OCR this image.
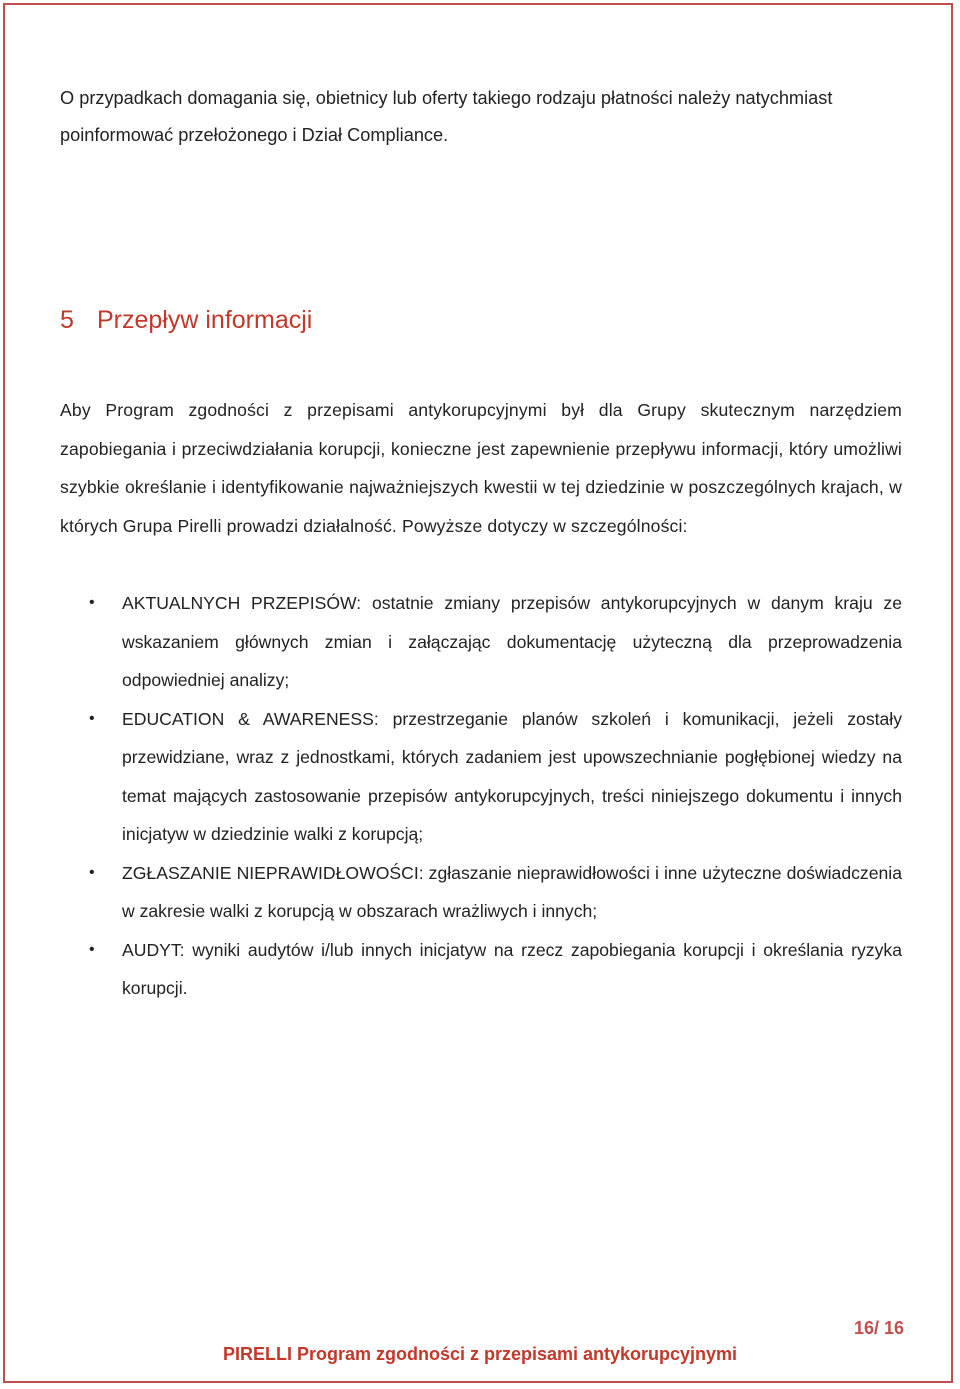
O przypadkach domagania się, obietnicy lub oferty takiego rodzaju płatności należy natychmiast poinformować przełożonego i Dział Compliance.

5 Przepływ informacji

Aby Program zgodności z przepisami antykorupcyjnymi był dla Grupy skutecznym narzędziem zapobiegania i przeciwdziałania korupcji, konieczne jest zapewnienie przepływu informacji, który umożliwi szybkie określanie i identyfikowanie najważniejszych kwestii w tej dziedzinie w poszczególnych krajach, w których Grupa Pirelli prowadzi działalność. Powyższe dotyczy w szczególności:

• AKTUALNYCH PRZEPISÓW: ostatnie zmiany przepisów antykorupcyjnych w danym kraju ze wskazaniem głównych zmian i załączając dokumentację użyteczną dla przeprowadzenia odpowiedniej analizy;
• EDUCATION & AWARENESS: przestrzeganie planów szkoleń i komunikacji, jeżeli zostały przewidziane, wraz z jednostkami, których zadaniem jest upowszechnianie pogłębionej wiedzy na temat mających zastosowanie przepisów antykorupcyjnych, treści niniejszego dokumentu i innych inicjatyw w dziedzinie walki z korupcją;
• ZGŁASZANIE NIEPRAWIDŁOWOŚCI: zgłaszanie nieprawidłowości i inne użyteczne doświadczenia w zakresie walki z korupcją w obszarach wrażliwych i innych;
• AUDYT: wyniki audytów i/lub innych inicjatyw na rzecz zapobiegania korupcji i określania ryzyka korupcji.
16/ 16
PIRELLI Program zgodności z przepisami antykorupcyjnymi
